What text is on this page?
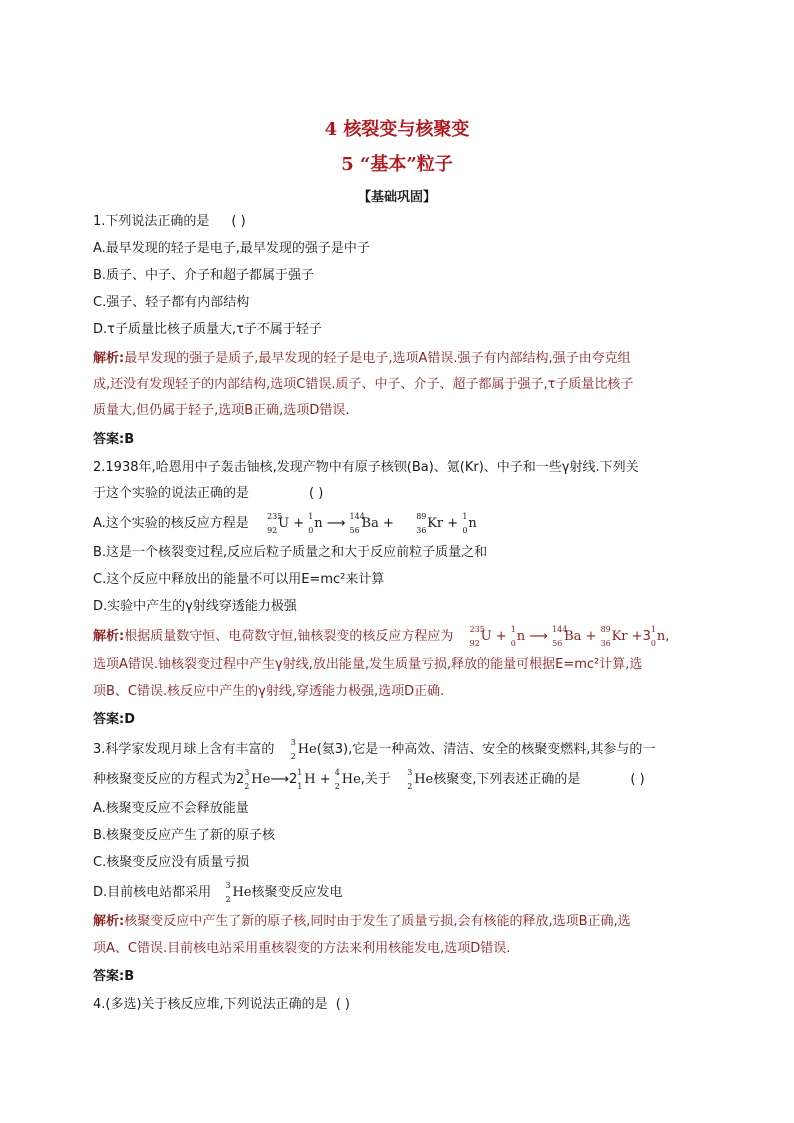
4 核裂变与核聚变
5 “基本”粒子
【基础巩固】
1.下列说法正确的是 ( )
A.最早发现的轻子是电子,最早发现的强子是中子
B.质子、中子、介子和超子都属于强子
C.强子、轻子都有内部结构
D.τ子质量比核子质量大,τ子不属于轻子
解析:最早发现的强子是质子,最早发现的轻子是电子,选项A错误.强子有内部结构,强子由夸克组
成,还没有发现轻子的内部结构,选项C错误.质子、中子、介子、超子都属于强子,τ子质量比核子
质量大,但仍属于轻子,选项B正确,选项D错误.
答案:B
2.1938年,哈恩用中子轰击铀核,发现产物中有原子核钡(Ba)、氪(Kr)、中子和一些γ射线.下列关
于这个实验的说法正确的是	( )
A.这个实验的核反应方程是 235
92 U + 1
0 n ⟶ 144
56 Ba +	89
36 Kr + 1
0 n
B.这是一个核裂变过程,反应后粒子质量之和大于反应前粒子质量之和
C.这个反应中释放出的能量不可以用E=mc²来计算
D.实验中产生的γ射线穿透能力极强
解析:根据质量数守恒、电荷数守恒,铀核裂变的核反应方程应为 235
92 U + 1
0 n ⟶ 144
56 Ba + 89
36 Kr +3 1
0 n,
选项A错误.铀核裂变过程中产生γ射线,放出能量,发生质量亏损,释放的能量可根据E=mc²计算,选
项B、C错误.核反应中产生的γ射线,穿透能力极强,选项D正确.
答案:D
3.科学家发现月球上含有丰富的 3
2 He(氦3),它是一种高效、清洁、安全的核聚变燃料,其参与的一
种核聚变反应的方程式为2 3
2 He⟶2 1
1 H + 4
2 He,关于 3
2 He核聚变,下列表述正确的是	( )
A.核聚变反应不会释放能量
B.核聚变反应产生了新的原子核
C.核聚变反应没有质量亏损
D.目前核电站都采用 3
2 He核聚变反应发电
解析:核聚变反应中产生了新的原子核,同时由于发生了质量亏损,会有核能的释放,选项B正确,选
项A、C错误.目前核电站采用重核裂变的方法来利用核能发电,选项D错误.
答案:B
4.(多选)关于核反应堆,下列说法正确的是 ( )
